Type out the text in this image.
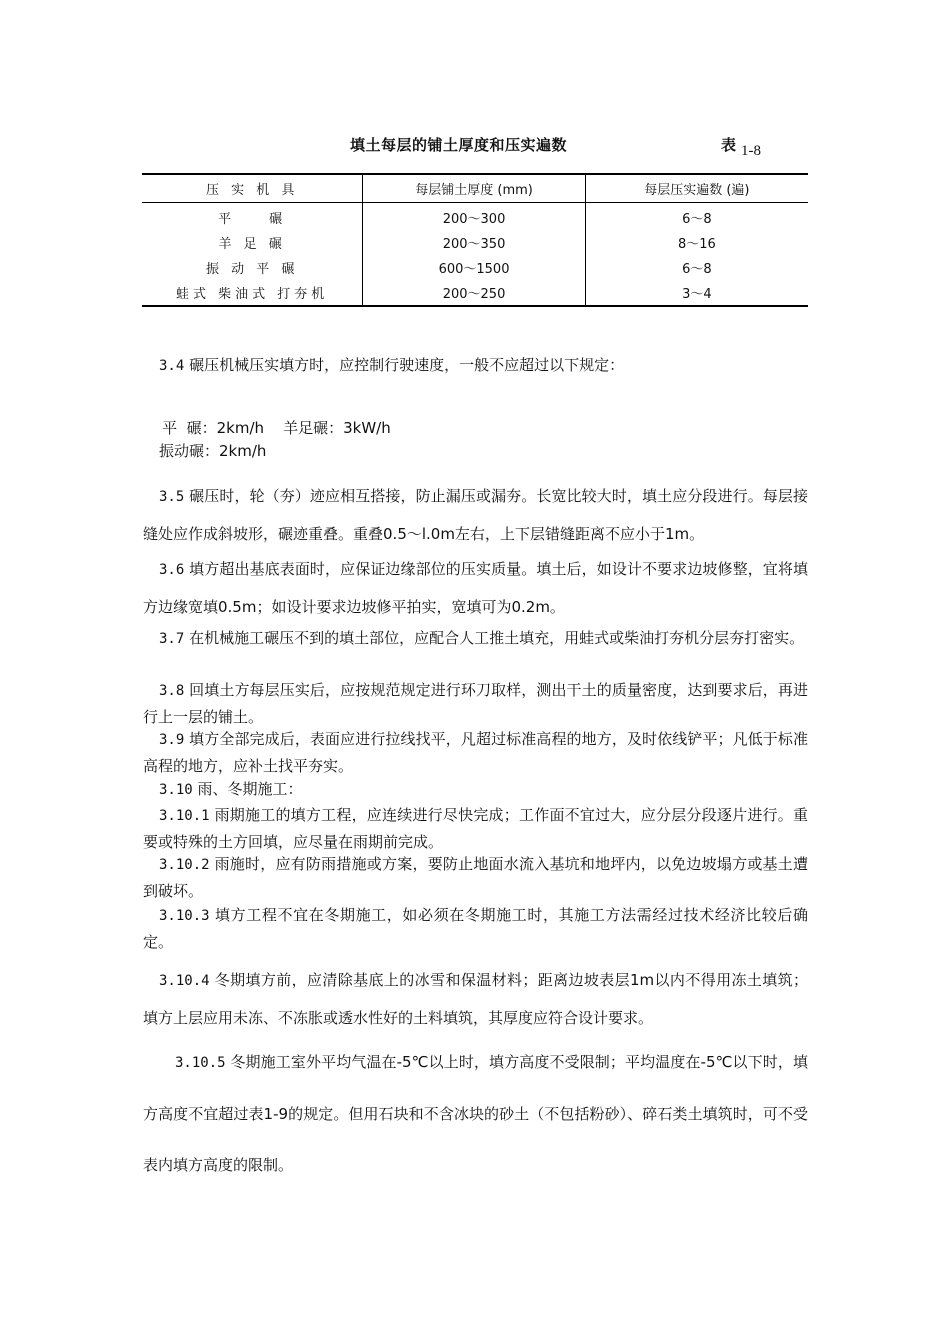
填土每层的铺土厚度和压实遍数	表 1-8
压 实 机 具	每层铺土厚度 (mm)	每层压实遍数 (遍)
平　　碾	200～300	6～8
羊 足 碾	200～350	8～16
振 动 平 碾	600～1500	6～8
蛙式 柴油式 打夯机	200～250	3～4
3.4 碾压机械压实填方时，应控制行驶速度，一般不应超过以下规定：

平  碾：2km/h    羊足碾：3kW/h

振动碾：2km/h
3.5 碾压时，轮（夯）迹应相互搭接，防止漏压或漏夯。长宽比较大时，填土应分段进行。每层接缝处应作成斜坡形，碾迹重叠。重叠0.5～l.0m左右，上下层错缝距离不应小于1m。
3.6 填方超出基底表面时，应保证边缘部位的压实质量。填土后，如设计不要求边坡修整，宜将填方边缘宽填0.5m；如设计要求边坡修平拍实，宽填可为0.2m。
3.7 在机械施工碾压不到的填土部位，应配合人工推土填充，用蛙式或柴油打夯机分层夯打密实。
3.8 回填土方每层压实后，应按规范规定进行环刀取样，测出干土的质量密度，达到要求后，再进行上一层的铺土。
3.9 填方全部完成后，表面应进行拉线找平，凡超过标准高程的地方，及时依线铲平；凡低于标准高程的地方，应补土找平夯实。
3.10 雨、冬期施工：
3.10.1 雨期施工的填方工程，应连续进行尽快完成；工作面不宜过大，应分层分段逐片进行。重要或特殊的土方回填，应尽量在雨期前完成。
3.10.2 雨施时，应有防雨措施或方案，要防止地面水流入基坑和地坪内，以免边坡塌方或基土遭到破坏。
3.10.3 填方工程不宜在冬期施工，如必须在冬期施工时，其施工方法需经过技术经济比较后确定。
3.10.4 冬期填方前，应清除基底上的冰雪和保温材料；距离边坡表层1m以内不得用冻土填筑；填方上层应用未冻、不冻胀或透水性好的土料填筑，其厚度应符合设计要求。
3.10.5 冬期施工室外平均气温在-5℃以上时，填方高度不受限制；平均温度在-5℃以下时，填方高度不宜超过表1-9的规定。但用石块和不含冰块的砂土（不包括粉砂）、碎石类土填筑时，可不受表内填方高度的限制。
